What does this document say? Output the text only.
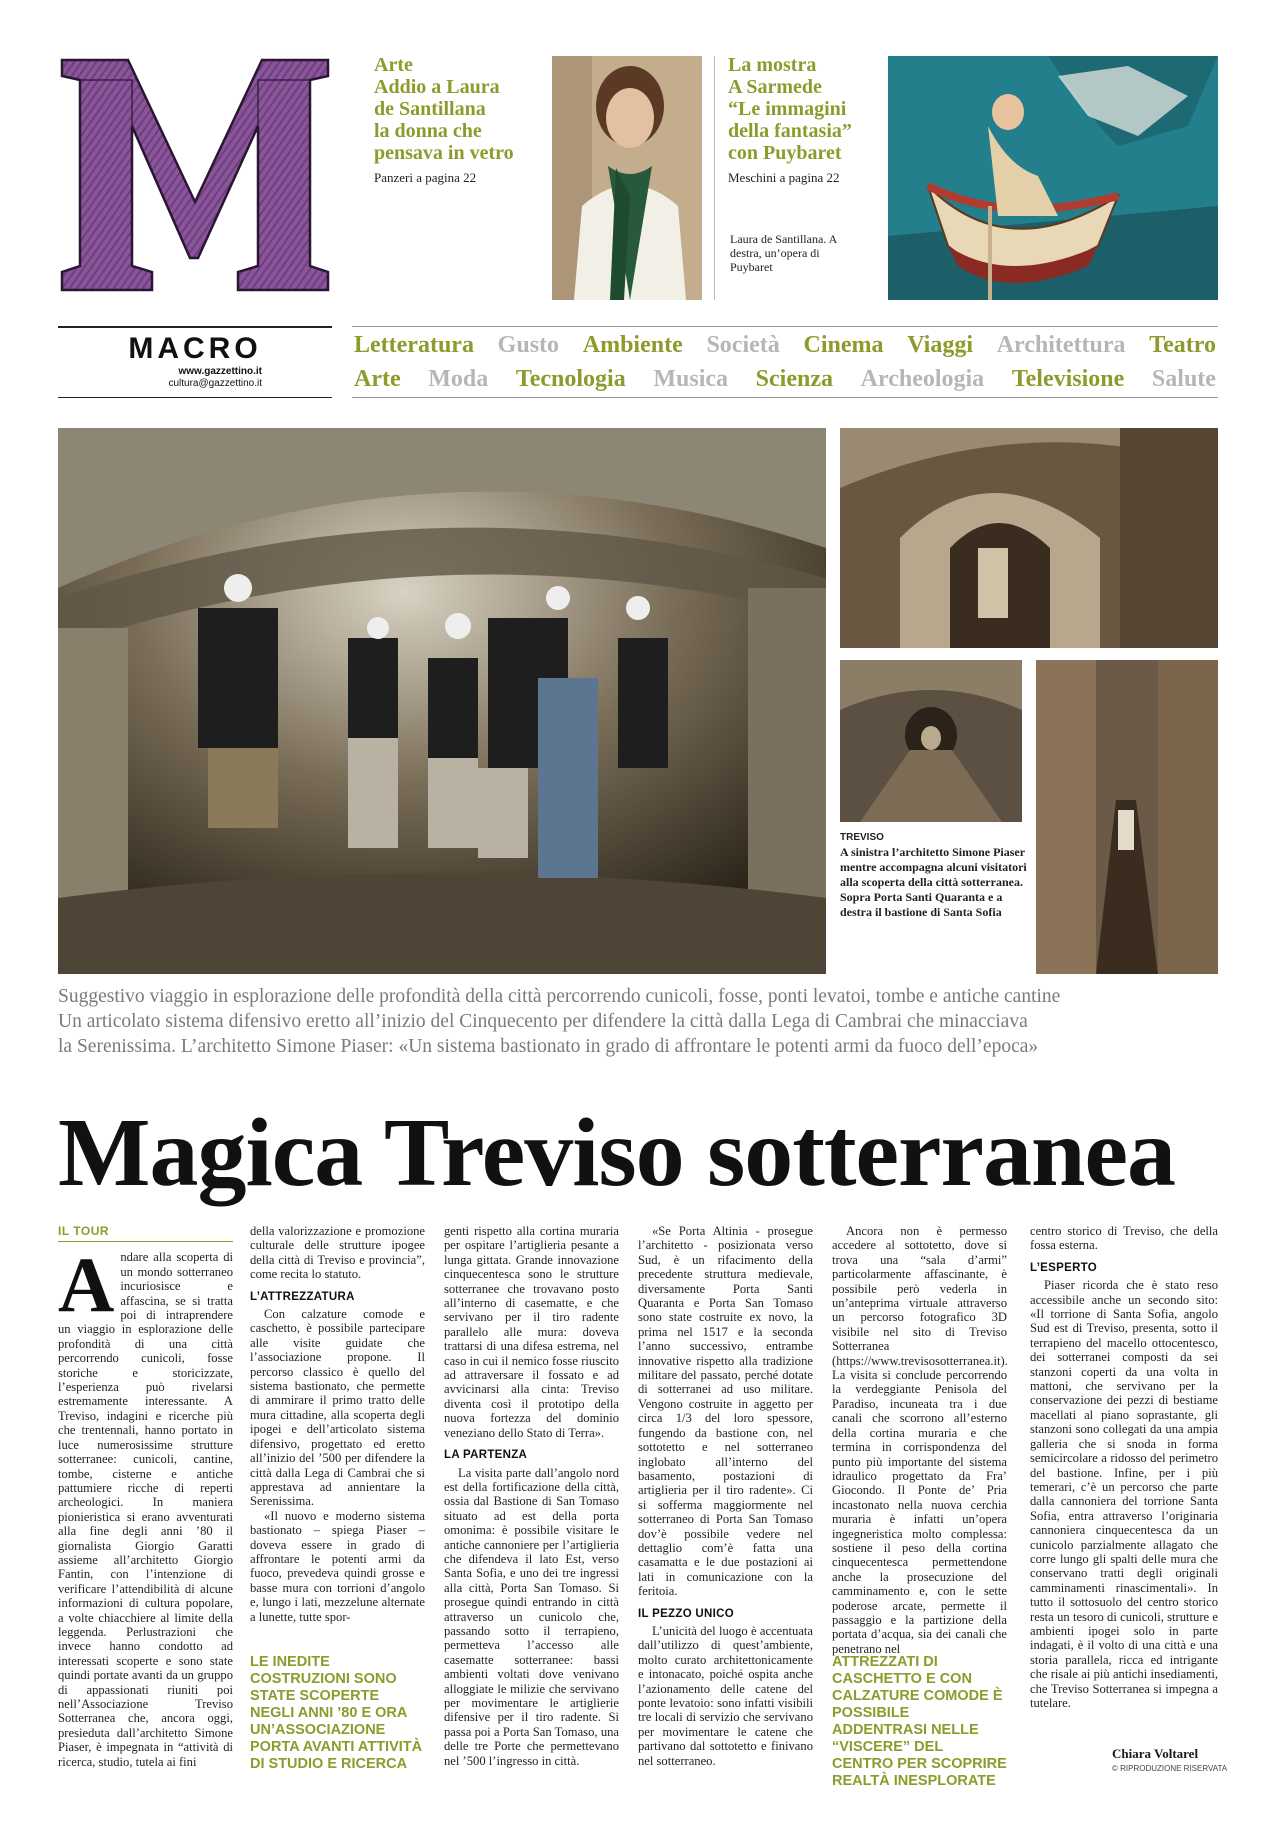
Arte
Addio a Laura
de Santillana
la donna che
pensava in vetro
Panzeri a pagina 22
La mostra
A Sarmede
“Le immagini
della fantasia”
con Puybaret
Meschini a pagina 22
Laura de Santillana. A destra, un’opera di Puybaret
MACRO
www.gazzettino.it
cultura@gazzettino.it
Letteratura Gusto Ambiente Società Cinema Viaggi Architettura Teatro
Arte Moda Tecnologia Musica Scienza Archeologia Televisione Salute
TREVISO
A sinistra l’architetto Simone Piaser mentre accompagna alcuni visitatori alla scoperta della città sotterranea. Sopra Porta Santi Quaranta e a destra il bastione di Santa Sofia
Suggestivo viaggio in esplorazione delle profondità della città percorrendo cunicoli, fosse, ponti levatoi, tombe e antiche cantine
Un articolato sistema difensivo eretto all’inizio del Cinquecento per difendere la città dalla Lega di Cambrai che minacciava
la Serenissima. L’architetto Simone Piaser: «Un sistema bastionato in grado di affrontare le potenti armi da fuoco dell’epoca»
Magica Treviso sotterranea
IL TOUR
A ndare alla scoperta di un mondo sotterraneo incuriosisce e affascina, se si tratta poi di intraprendere un viaggio in esplorazione delle profondità di una città percorrendo cunicoli, fosse storiche e storicizzate, l’esperienza può rivelarsi estremamente interessante. A Treviso, indagini e ricerche più che trentennali, hanno portato in luce numerosissime strutture sotterranee: cunicoli, cantine, tombe, cisterne e antiche pattumiere ricche di reperti archeologici. In maniera pionieristica si erano avventurati alla fine degli anni ’80 il giornalista Giorgio Garatti assieme all’architetto Giorgio Fantin, con l’intenzione di verificare l’attendibilità di alcune informazioni di cultura popolare, a volte chiacchiere al limite della leggenda. Perlustrazioni che invece hanno condotto ad interessati scoperte e sono state quindi portate avanti da un gruppo di appassionati riuniti poi nell’Associazione Treviso Sotterranea che, ancora oggi, presieduta dall’architetto Simone Piaser, è impegnata in “attività di ricerca, studio, tutela ai fini

della valorizzazione e promozione culturale delle strutture ipogee della città di Treviso e provincia”, come recita lo statuto.

L’ATTREZZATURA

Con calzature comode e caschetto, è possibile partecipare alle visite guidate che l’associazione propone. Il percorso classico è quello del sistema bastionato, che permette di ammirare il primo tratto delle mura cittadine, alla scoperta degli ipogei e dell’articolato sistema difensivo, progettato ed eretto all’inizio del ’500 per difendere la città dalla Lega di Cambrai che si apprestava ad annientare la Serenissima.

«Il nuovo e moderno sistema bastionato – spiega Piaser – doveva essere in grado di affrontare le potenti armi da fuoco, prevedeva quindi grosse e basse mura con torrioni d’angolo e, lungo i lati, mezzelune alternate a lunette, tutte spor-

LE INEDITE COSTRUZIONI SONO STATE SCOPERTE NEGLI ANNI ’80 E ORA UN’ASSOCIAZIONE PORTA AVANTI ATTIVITÀ DI STUDIO E RICERCA

genti rispetto alla cortina muraria per ospitare l’artiglieria pesante a lunga gittata. Grande innovazione cinquecentesca sono le strutture sotterranee che trovavano posto all’interno di casematte, e che servivano per il tiro radente parallelo alle mura: doveva trattarsi di una difesa estrema, nel caso in cui il nemico fosse riuscito ad attraversare il fossato e ad avvicinarsi alla cinta: Treviso diventa così il prototipo della nuova fortezza del dominio veneziano dello Stato di Terra».

LA PARTENZA

La visita parte dall’angolo nord est della fortificazione della città, ossia dal Bastione di San Tomaso situato ad est della porta omonima: è possibile visitare le antiche cannoniere per l’artiglieria che difendeva il lato Est, verso Santa Sofia, e uno dei tre ingressi alla città, Porta San Tomaso. Si prosegue quindi entrando in città attraverso un cunicolo che, passando sotto il terrapieno, permetteva l’accesso alle casematte sotterranee: bassi ambienti voltati dove venivano alloggiate le milizie che servivano per movimentare le artiglierie difensive per il tiro radente. Si passa poi a Porta San Tomaso, una delle tre Porte che permettevano nel ’500 l’ingresso in città.

«Se Porta Altinia - prosegue l’architetto - posizionata verso Sud, è un rifacimento della precedente struttura medievale, diversamente Porta Santi Quaranta e Porta San Tomaso sono state costruite ex novo, la prima nel 1517 e la seconda l’anno successivo, entrambe innovative rispetto alla tradizione militare del passato, perché dotate di sotterranei ad uso militare. Vengono costruite in aggetto per circa 1/3 del loro spessore, fungendo da bastione con, nel sottotetto e nel sotterraneo inglobato all’interno del basamento, postazioni di artiglieria per il tiro radente». Ci si sofferma maggiormente nel sotterraneo di Porta San Tomaso dov’è possibile vedere nel dettaglio com’è fatta una casamatta e le due postazioni ai lati in comunicazione con la feritoia.

IL PEZZO UNICO

L’unicità del luogo è accentuata dall’utilizzo di quest’ambiente, molto curato architettonicamente e intonacato, poiché ospita anche l’azionamento delle catene del ponte levatoio: sono infatti visibili tre locali di servizio che servivano per movimentare le catene che partivano dal sottotetto e finivano nel sotterraneo.

Ancora non è permesso accedere al sottotetto, dove si trova una “sala d’armi” particolarmente affascinante, è possibile però vederla in un’anteprima virtuale attraverso un percorso fotografico 3D visibile nel sito di Treviso Sotterranea (https://www.trevisosotterranea.it). La visita si conclude percorrendo la verdeggiante Penisola del Paradiso, incuneata tra i due canali che scorrono all’esterno della cortina muraria e che termina in corrispondenza del punto più importante del sistema idraulico progettato da Fra’ Giocondo. Il Ponte de’ Pria incastonato nella nuova cerchia muraria è infatti un’opera ingegneristica molto complessa: sostiene il peso della cortina cinquecentesca permettendone anche la prosecuzione del camminamento e, con le sette poderose arcate, permette il passaggio e la partizione della portata d’acqua, sia dei canali che penetrano nel

ATTREZZATI DI CASCHETTO E CON CALZATURE COMODE È POSSIBILE ADDENTRASI NELLE “VISCERE” DEL CENTRO PER SCOPRIRE REALTÀ INESPLORATE

centro storico di Treviso, che della fossa esterna.

L’ESPERTO

Piaser ricorda che è stato reso accessibile anche un secondo sito: «Il torrione di Santa Sofia, angolo Sud est di Treviso, presenta, sotto il terrapieno del macello ottocentesco, dei sotterranei composti da sei stanzoni coperti da una volta in mattoni, che servivano per la conservazione dei pezzi di bestiame macellati al piano soprastante, gli stanzoni sono collegati da una ampia galleria che si snoda in forma semicircolare a ridosso del perimetro del bastione. Infine, per i più temerari, c’è un percorso che parte dalla cannoniera del torrione Santa Sofia, entra attraverso l’originaria cannoniera cinquecentesca da un cunicolo parzialmente allagato che corre lungo gli spalti delle mura che conservano tratti degli originali camminamenti rinascimentali». In tutto il sottosuolo del centro storico resta un tesoro di cunicoli, strutture e ambienti ipogei solo in parte indagati, è il volto di una città e una storia parallela, ricca ed intrigante che risale ai più antichi insediamenti, che Treviso Sotterranea si impegna a tutelare.

Chiara Voltarel
© RIPRODUZIONE RISERVATA
